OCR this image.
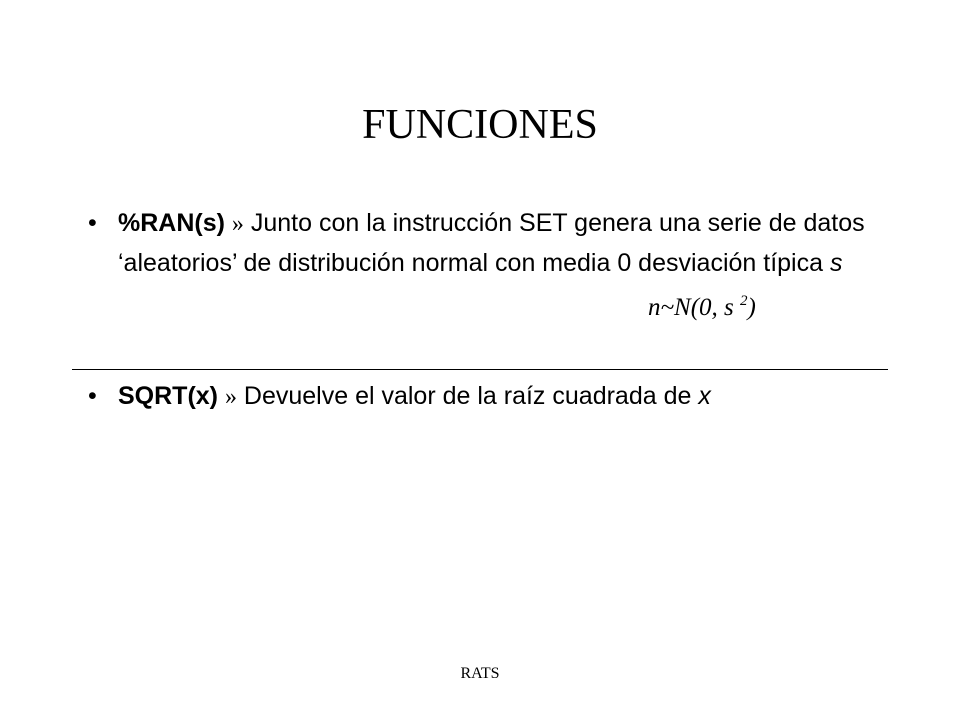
FUNCIONES
• %RAN(s) » Junto con la instrucción SET genera una serie de datos ‘aleatorios’ de distribución normal con media 0 desviación típica s
n~N(0, s $^2$)
• SQRT(x) » Devuelve el valor de la raíz cuadrada de x
RATS
